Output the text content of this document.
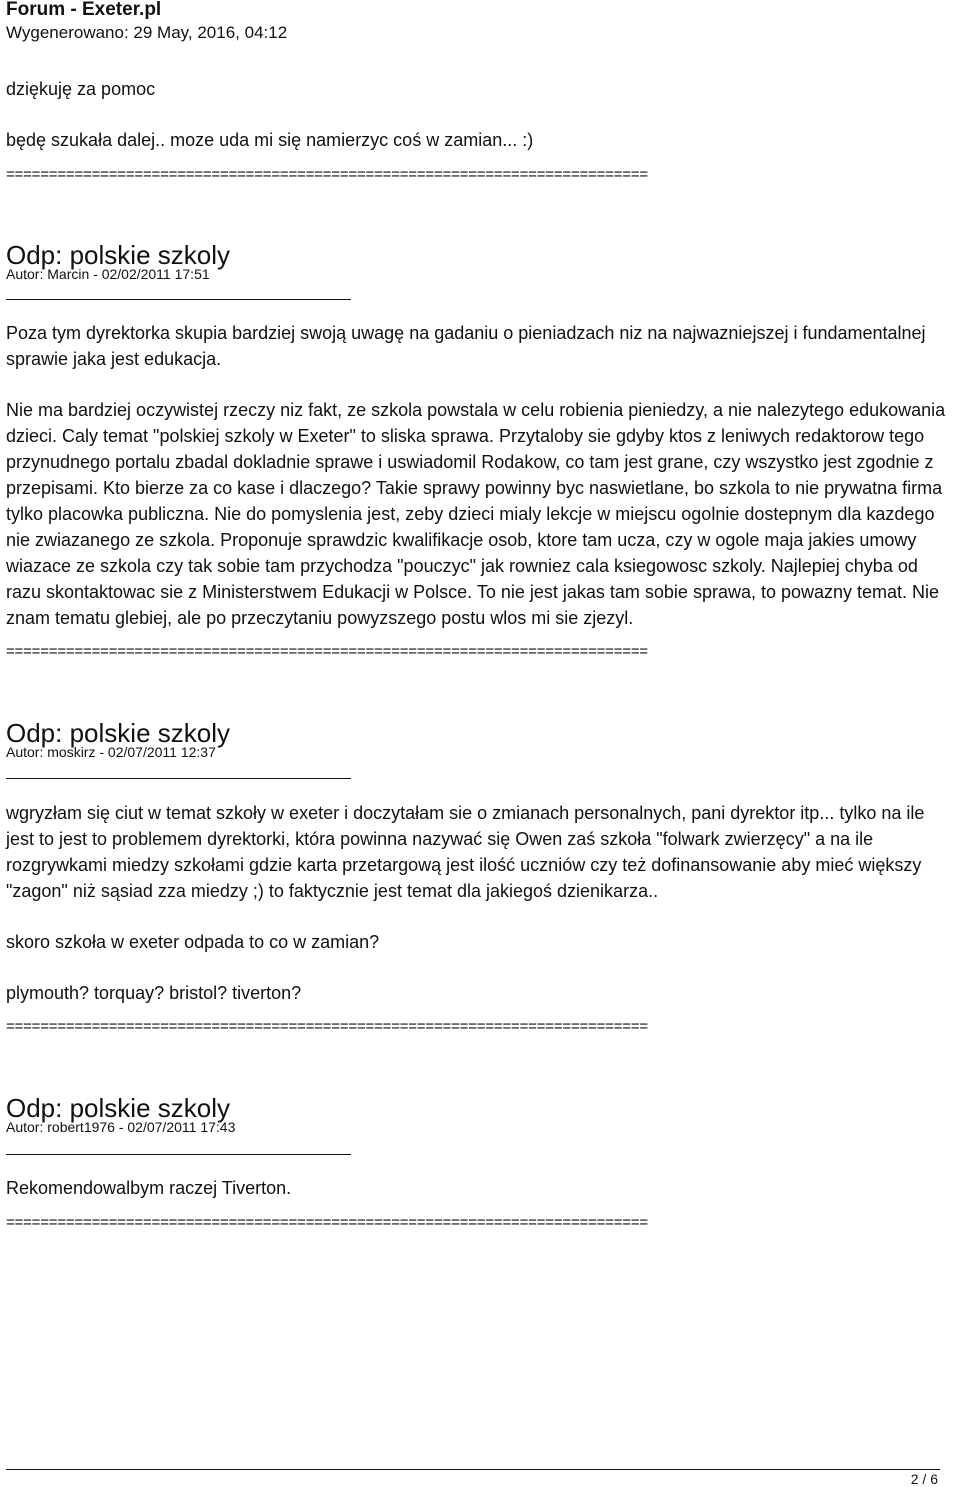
Forum - Exeter.pl
Wygenerowano: 29 May, 2016, 04:12

dziękuję za pomoc

będę szukała dalej.. moze uda mi się namierzyc coś w zamian... :)

===========================================================================
Odp: polskie szkoly
Autor: Marcin - 02/02/2011 17:51

Poza tym dyrektorka skupia bardziej swoją uwagę na gadaniu o pieniadzach niz na najwazniejszej i fundamentalnej sprawie jaka jest edukacja.

Nie ma bardziej oczywistej rzeczy niz fakt, ze szkola powstala w celu robienia pieniedzy, a nie nalezytego edukowania dzieci. Caly temat "polskiej szkoly w Exeter" to sliska sprawa. Przytaloby sie gdyby ktos z leniwych redaktorow tego przynudnego portalu zbadal dokladnie sprawe i uswiadomil Rodakow, co tam jest grane, czy wszystko jest zgodnie z przepisami. Kto bierze za co kase i dlaczego? Takie sprawy powinny byc naswietlane, bo szkola to nie prywatna firma tylko placowka publiczna. Nie do pomyslenia jest, zeby dzieci mialy lekcje w miejscu ogolnie dostepnym dla kazdego nie zwiazanego ze szkola. Proponuje sprawdzic kwalifikacje osob, ktore tam ucza, czy w ogole maja jakies umowy wiazace ze szkola czy tak sobie tam przychodza "pouczyc" jak rowniez cala ksiegowosc szkoly. Najlepiej chyba od razu skontaktowac sie z Ministerstwem Edukacji w Polsce. To nie jest jakas tam sobie sprawa, to powazny temat. Nie znam tematu glebiej, ale po przeczytaniu powyzszego postu wlos mi sie zjezyl.

===========================================================================
Odp: polskie szkoly
Autor: moskirz - 02/07/2011 12:37

wgryzłam się ciut w temat szkoły w exeter i doczytałam sie o zmianach personalnych, pani dyrektor itp... tylko na ile jest to jest to problemem dyrektorki, która powinna nazywać się Owen zaś szkoła "folwark zwierzęcy" a na ile rozgrywkami miedzy szkołami gdzie karta przetargową jest ilość uczniów czy też dofinansowanie aby mieć większy "zagon" niż sąsiad zza miedzy ;) to faktycznie jest temat dla jakiegoś dzienikarza..

skoro szkoła w exeter odpada to co w zamian?

plymouth? torquay? bristol? tiverton?

===========================================================================
Odp: polskie szkoly
Autor: robert1976 - 02/07/2011 17:43

Rekomendowalbym raczej Tiverton.

===========================================================================
2 / 6
